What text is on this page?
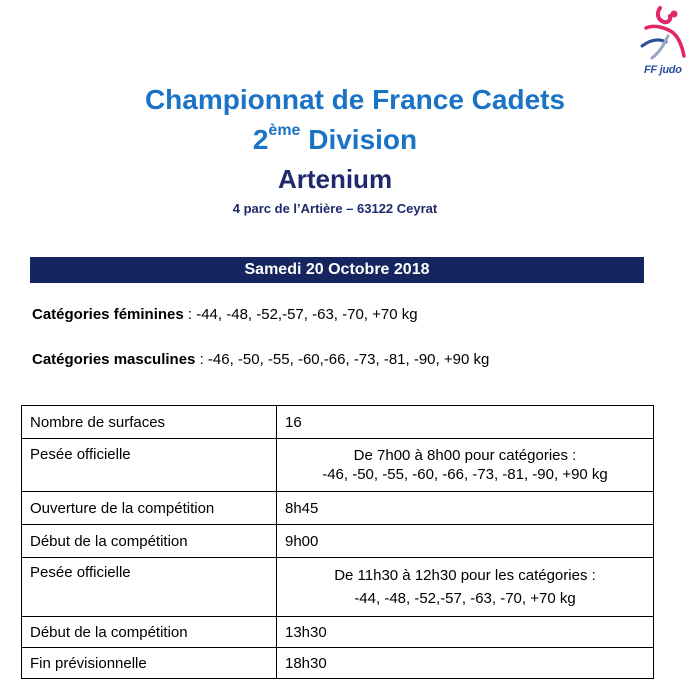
FF judo
Championnat de France Cadets
2ème Division
Artenium
4 parc de l’Artière – 63122 Ceyrat
Samedi 20 Octobre 2018
Catégories féminines : -44, -48, -52,-57, -63, -70, +70 kg
Catégories masculines : -46, -50, -55, -60,-66, -73, -81, -90, +90 kg
Nombre de surfaces	16
Pesée officielle	De 7h00 à 8h00 pour catégories :
-46, -50, -55, -60, -66, -73, -81, -90, +90 kg

Ouverture de la compétition	8h45
Début de la compétition	9h00
Pesée officielle	De 11h30 à 12h30 pour les catégories :
-44, -48, -52,-57, -63, -70, +70 kg

Début de la compétition	13h30
Fin prévisionnelle	18h30
